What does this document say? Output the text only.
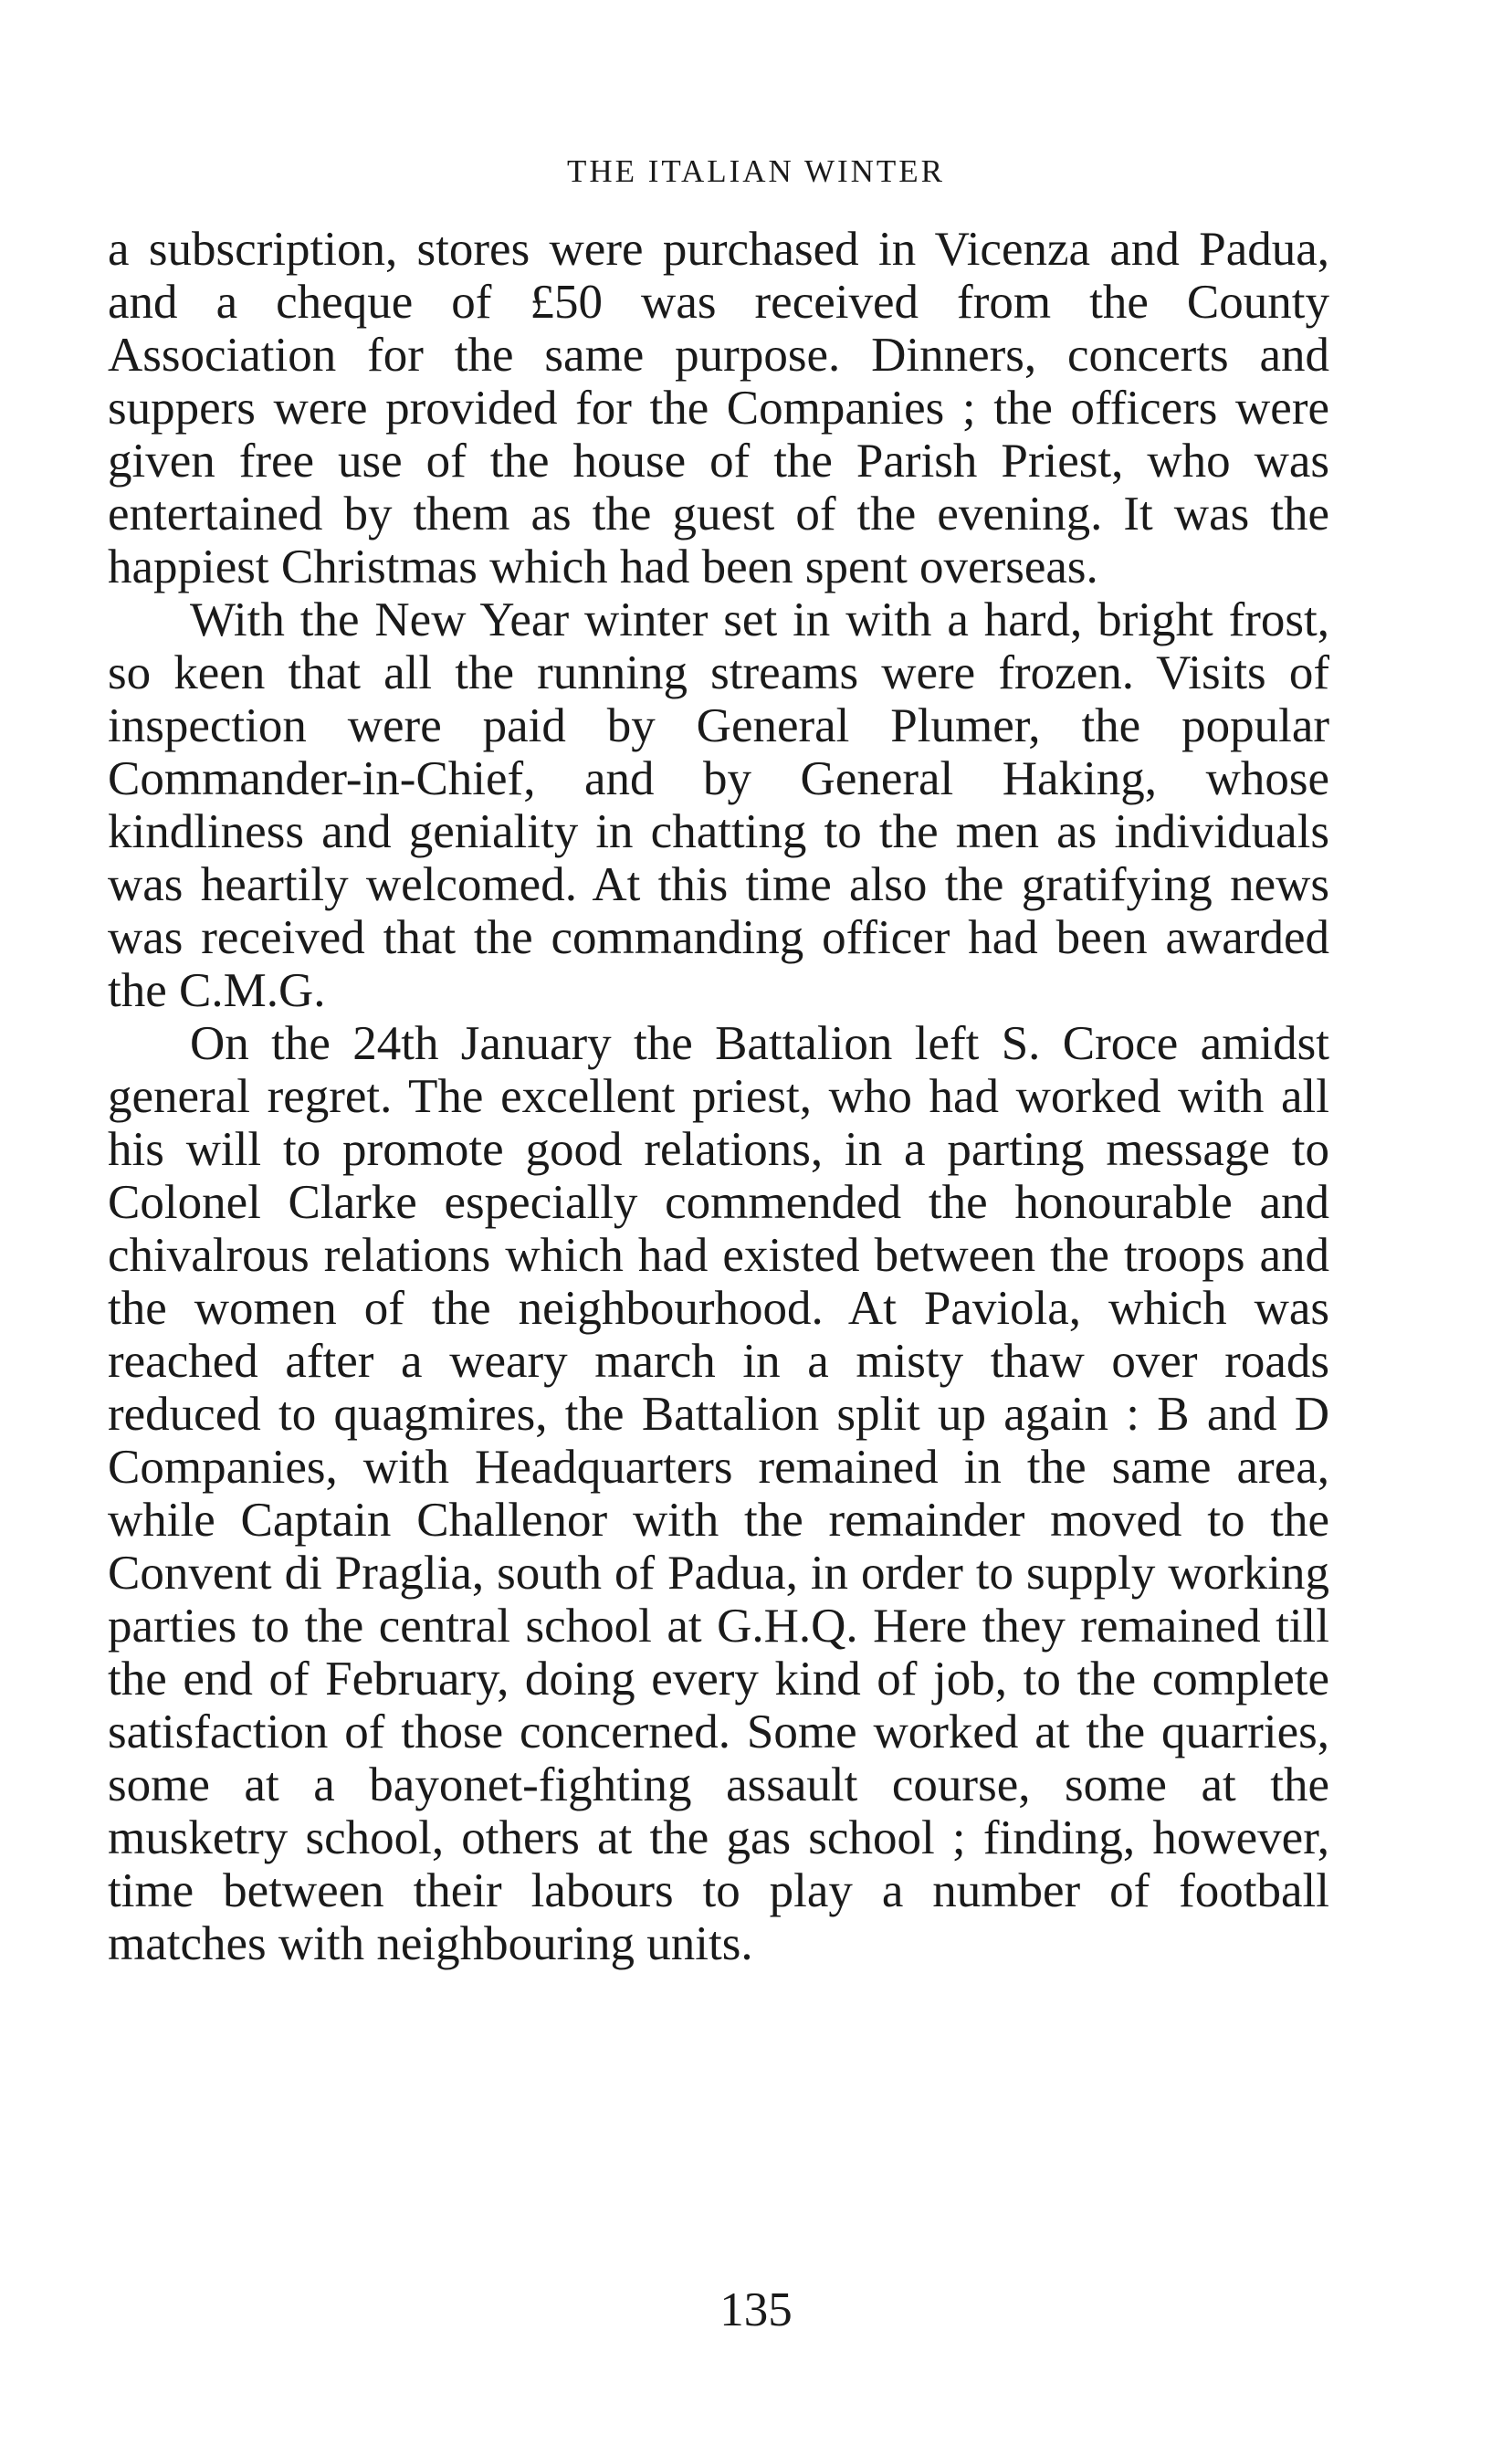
THE ITALIAN WINTER

a subscription, stores were purchased in Vicenza and Padua, and a cheque of £50 was received from the County Association for the same purpose. Dinners, concerts and suppers were provided for the Companies ; the officers were given free use of the house of the Parish Priest, who was entertained by them as the guest of the evening. It was the happiest Christmas which had been spent overseas.

With the New Year winter set in with a hard, bright frost, so keen that all the running streams were frozen. Visits of inspection were paid by General Plumer, the popular Commander-in-Chief, and by General Haking, whose kindliness and geniality in chatting to the men as individuals was heartily welcomed. At this time also the gratifying news was received that the commanding officer had been awarded the C.M.G.

On the 24th January the Battalion left S. Croce amidst general regret. The excellent priest, who had worked with all his will to promote good relations, in a parting message to Colonel Clarke especially commended the honourable and chivalrous relations which had existed between the troops and the women of the neighbourhood. At Paviola, which was reached after a weary march in a misty thaw over roads reduced to quagmires, the Battalion split up again : B and D Companies, with Headquarters remained in the same area, while Captain Challenor with the remainder moved to the Convent di Praglia, south of Padua, in order to supply working parties to the central school at G.H.Q. Here they remained till the end of February, doing every kind of job, to the complete satisfaction of those concerned. Some worked at the quarries, some at a bayonet-fighting assault course, some at the musketry school, others at the gas school ; finding, however, time between their labours to play a number of football matches with neighbouring units.

135
